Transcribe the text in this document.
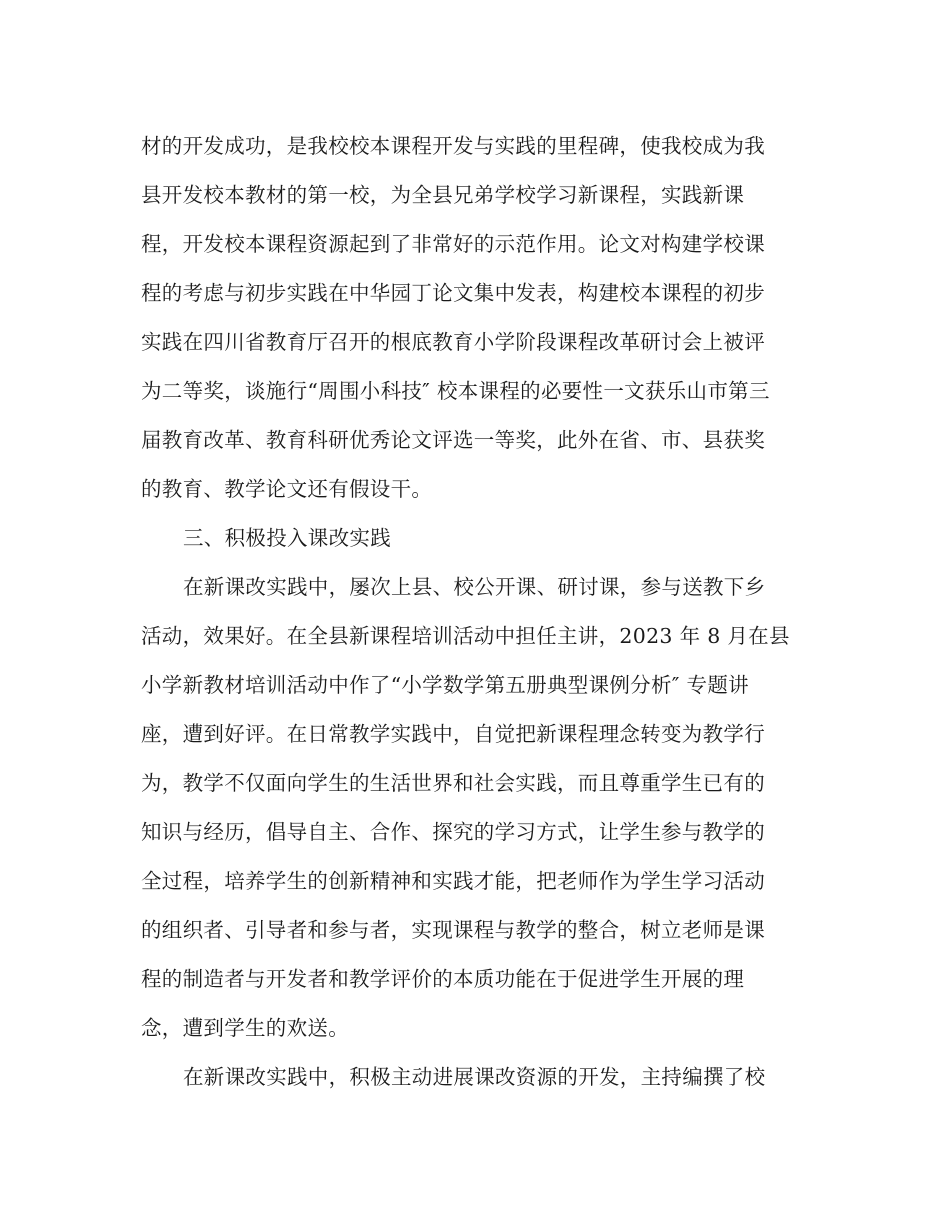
材的开发成功，是我校校本课程开发与实践的里程碑，使我校成为我
县开发校本教材的第一校，为全县兄弟学校学习新课程，实践新课
程，开发校本课程资源起到了非常好的示范作用。论文对构建学校课
程的考虑与初步实践在中华园丁论文集中发表，构建校本课程的初步
实践在四川省教育厅召开的根底教育小学阶段课程改革研讨会上被评
为二等奖，谈施行“周围小科技″ 校本课程的必要性一文获乐山市第三
届教育改革、教育科研优秀论文评选一等奖，此外在省、市、县获奖
的教育、教学论文还有假设干。
三、积极投入课改实践
在新课改实践中，屡次上县、校公开课、研讨课，参与送教下乡
活动，效果好。在全县新课程培训活动中担任主讲，2023 年 8 月在县
小学新教材培训活动中作了“小学数学第五册典型课例分析″ 专题讲
座，遭到好评。在日常教学实践中，自觉把新课程理念转变为教学行
为，教学不仅面向学生的生活世界和社会实践，而且尊重学生已有的
知识与经历，倡导自主、合作、探究的学习方式，让学生参与教学的
全过程，培养学生的创新精神和实践才能，把老师作为学生学习活动
的组织者、引导者和参与者，实现课程与教学的整合，树立老师是课
程的制造者与开发者和教学评价的本质功能在于促进学生开展的理
念，遭到学生的欢送。
在新课改实践中，积极主动进展课改资源的开发，主持编撰了校
